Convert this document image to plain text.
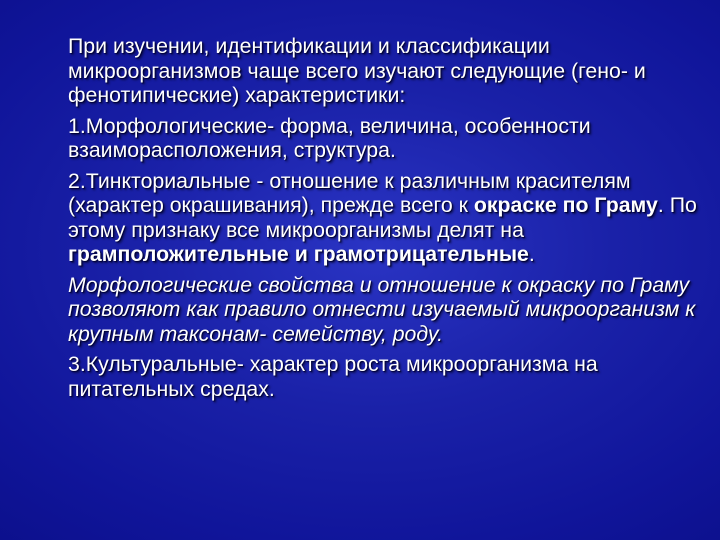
При изучении, идентификации и классификации микроорганизмов чаще всего изучают следующие (гено- и фенотипические) характеристики:

1.Морфологические- форма, величина, особенности взаиморасположения, структура.

2.Тинкториальные - отношение к различным красителям (характер окрашивания), прежде всего к окраске по Граму. По этому признаку все микроорганизмы делят на грамположительные и грамотрицательные.

Морфологические свойства и отношение к окраску по Граму позволяют как правило отнести изучаемый микроорганизм к крупным таксонам- семейству, роду.

3.Культуральные- характер роста микроорганизма на питательных средах.
